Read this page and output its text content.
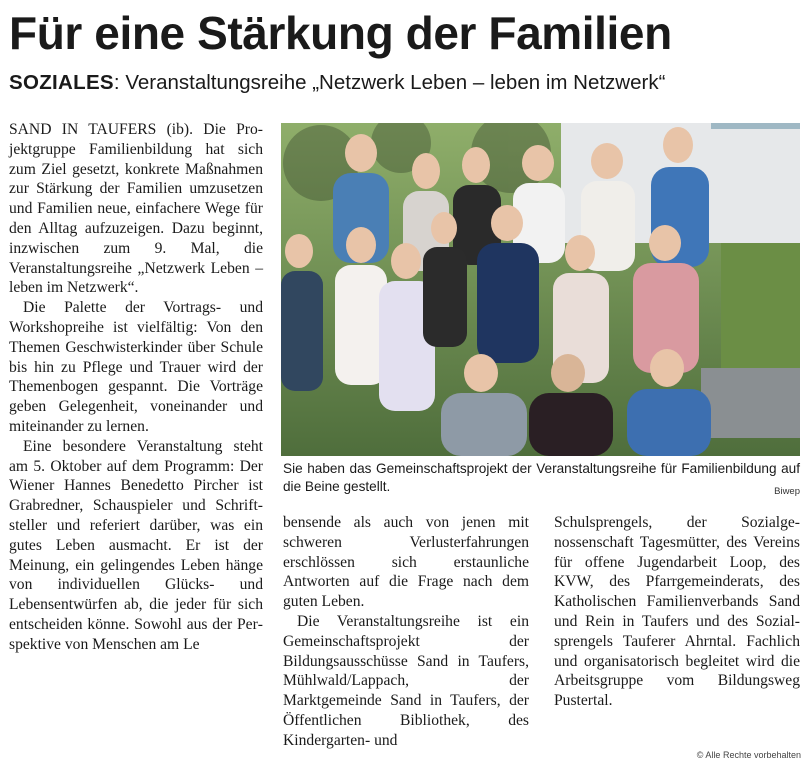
Für eine Stärkung der Familien
SOZIALES: Veranstaltungsreihe „Netzwerk Leben – leben im Netzwerk“

SAND IN TAUFERS (ib). Die Projektgruppe Familienbildung hat sich zum Ziel gesetzt, konkrete Maßnahmen zur Stärkung der Familien umzusetzen und Familien neue, einfachere Wege für den Alltag aufzuzeigen. Dazu beginnt, inzwischen zum 9. Mal, die Veranstaltungsreihe „Netzwerk Leben – leben im Netzwerk“.

Die Palette der Vortrags- und Workshopreihe ist vielfältig: Von den Themen Geschwisterkinder über Schule bis hin zu Pflege und Trauer wird der Themenbogen gespannt. Die Vorträge geben Gelegenheit, voneinander und miteinander zu lernen.

Eine besondere Veranstaltung steht am 5. Oktober auf dem Programm: Der Wiener Hannes Benedetto Pircher ist Grabredner, Schauspieler und Schriftsteller und referiert darüber, was ein gutes Leben ausmacht. Er ist der Meinung, ein gelingendes Leben hänge von individuellen Glücks- und Lebensentwürfen ab, die jeder für sich entscheiden könne. Sowohl aus der Perspektive von Menschen am Le

Sie haben das Gemeinschaftsprojekt der Veranstaltungsreihe für Familienbildung auf die Beine gestellt.	Biwep

bensende als auch von jenen mit schweren Verlusterfahrungen erschlössen sich erstaunliche Antworten auf die Frage nach dem guten Leben.

Die Veranstaltungsreihe ist ein Gemeinschaftsprojekt der Bildungsausschüsse Sand in Taufers, Mühlwald/Lappach, der Marktgemeinde Sand in Taufers, der Öffentlichen Bibliothek, des Kindergarten- und

Schulsprengels, der Sozialgenossenschaft Tagesmütter, des Vereins für offene Jugendarbeit Loop, des KVW, des Pfarrgemeinderats, des Katholischen Familienverbands Sand und Rein in Taufers und des Sozialsprengels Tauferer Ahrntal. Fachlich und organisatorisch begleitet wird die Arbeitsgruppe vom Bildungsweg Pustertal.

© Alle Rechte vorbehalten
